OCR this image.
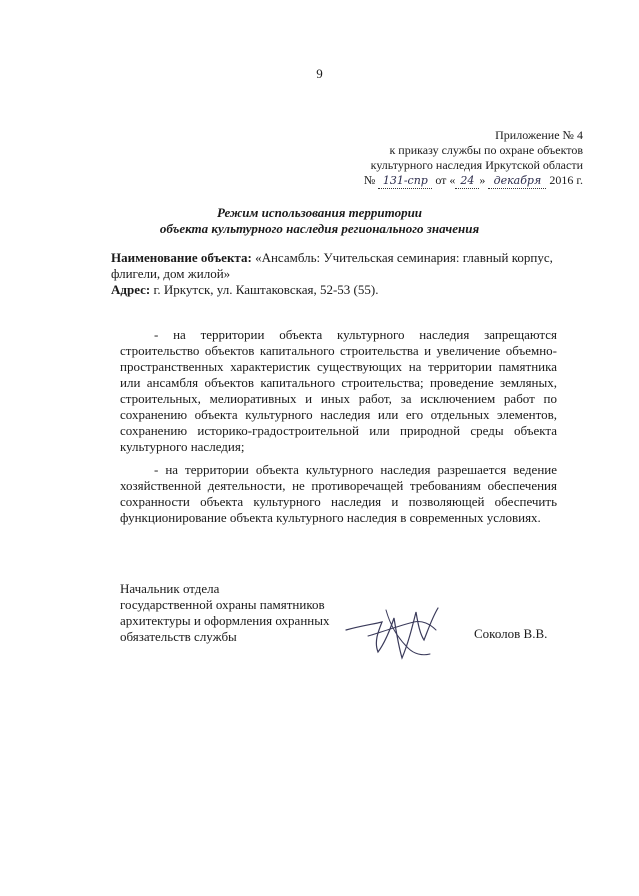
9
Приложение № 4
к приказу службы по охране объектов
культурного наследия Иркутской области
№ 131-спр от « 24 » декабря 2016 г.
Режим использования территории
объекта культурного наследия регионального значения
Наименование объекта: «Ансамбль: Учительская семинария: главный корпус, флигели, дом жилой»
Адрес: г. Иркутск, ул. Каштаковская, 52-53 (55).
- на территории объекта культурного наследия запрещаются строительство объектов капитального строительства и увеличение объемно-пространственных характеристик существующих на территории памятника или ансамбля объектов капитального строительства; проведение земляных, строительных, мелиоративных и иных работ, за исключением работ по сохранению объекта культурного наследия или его отдельных элементов, сохранению историко-градостроительной или природной среды объекта культурного наследия;
- на территории объекта культурного наследия разрешается ведение хозяйственной деятельности, не противоречащей требованиям обеспечения сохранности объекта культурного наследия и позволяющей обеспечить функционирование объекта культурного наследия в современных условиях.
Начальник отдела
государственной охраны памятников
архитектуры и оформления охранных
обязательств службы	Соколов В.В.
